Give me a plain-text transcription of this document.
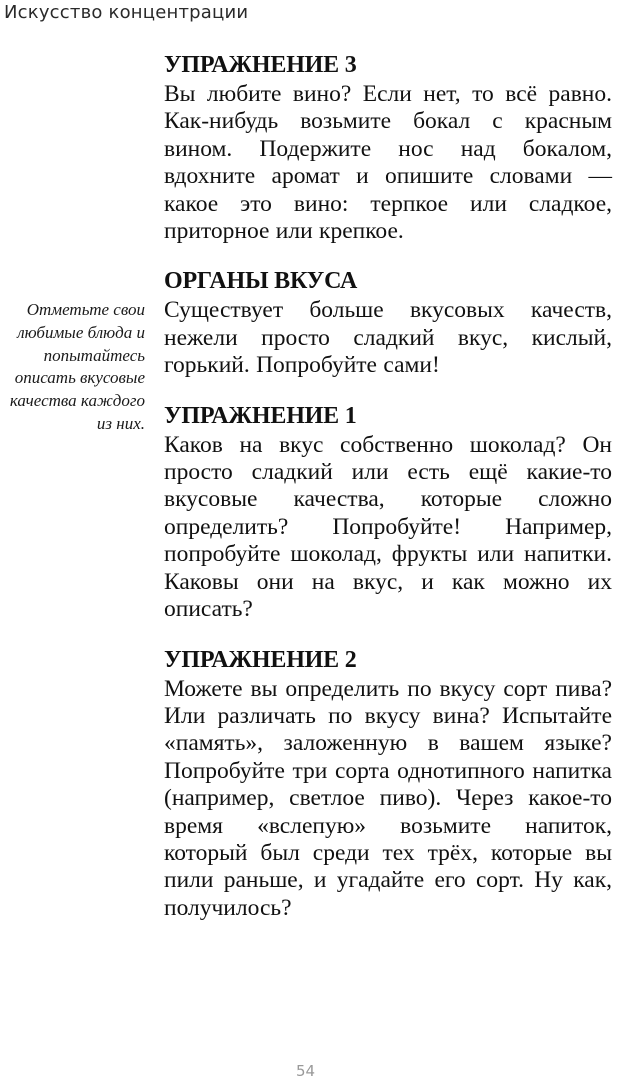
Искусство концентрации
Отметьте свои любимые блюда и попытайтесь описать вкусовые качества каждого из них.
УПРАЖНЕНИЕ 3

Вы любите вино? Если нет, то всё равно. Как-нибудь возьмите бокал с красным вином. Подержите нос над бокалом, вдохните аромат и опишите словами — какое это вино: терпкое или сладкое, приторное или крепкое.

ОРГАНЫ ВКУСА

Существует больше вкусовых качеств, нежели просто сладкий вкус, кислый, горький. Попробуйте сами!

УПРАЖНЕНИЕ 1

Каков на вкус собственно шоколад? Он просто сладкий или есть ещё какие-то вкусовые качества, которые сложно определить? Попробуйте! Например, попробуйте шоколад, фрукты или напитки. Каковы они на вкус, и как можно их описать?

УПРАЖНЕНИЕ 2

Можете вы определить по вкусу сорт пива? Или различать по вкусу вина? Испытайте «память», заложенную в вашем языке? Попробуйте три сорта однотипного напитка (например, светлое пиво). Через какое-то время «вслепую» возьмите напиток, который был среди тех трёх, которые вы пили раньше, и угадайте его сорт. Ну как, получилось?

54
